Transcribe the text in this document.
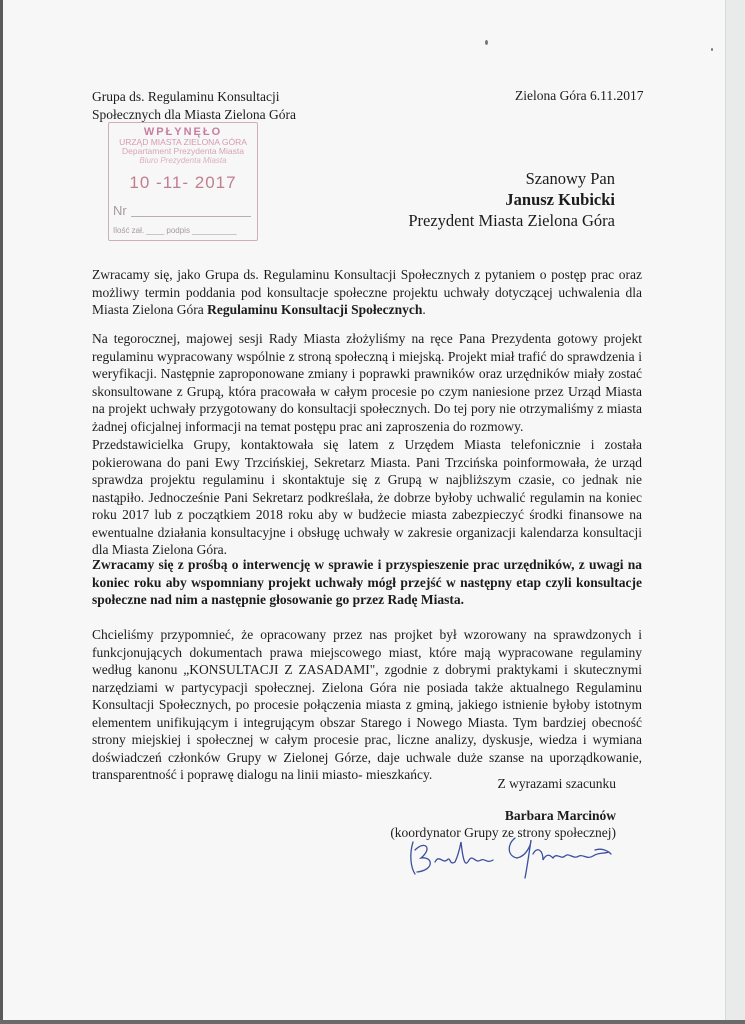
Grupa ds. Regulaminu Konsultacji
Społecznych dla Miasta Zielona Góra
Zielona Góra 6.11.2017
WPŁYNĘŁO
URZĄD MIASTA ZIELONA GÓRA
Departament Prezydenta Miasta
Biuro Prezydenta Miasta
10 -11- 2017
Nr
Ilość zał. ____ podpis __________
Szanowy Pan
Janusz Kubicki
Prezydent Miasta Zielona Góra
Zwracamy się, jako Grupa ds. Regulaminu Konsultacji Społecznych z pytaniem o postęp prac oraz możliwy termin poddania pod konsultacje społeczne projektu uchwały dotyczącej uchwalenia dla Miasta Zielona Góra Regulaminu Konsultacji Społecznych.
Na tegorocznej, majowej sesji Rady Miasta złożyliśmy na ręce Pana Prezydenta gotowy projekt regulaminu wypracowany wspólnie z stroną społeczną i miejską. Projekt miał trafić do sprawdzenia i weryfikacji. Następnie zaproponowane zmiany i poprawki prawników oraz urzędników miały zostać skonsultowane z Grupą, która pracowała w całym procesie po czym naniesione przez Urząd Miasta na projekt uchwały przygotowany do konsultacji społecznych. Do tej pory nie otrzymaliśmy z miasta żadnej oficjalnej informacji na temat postępu prac ani zaproszenia do rozmowy.
Przedstawicielka Grupy, kontaktowała się latem z Urzędem Miasta telefonicznie i została pokierowana do pani Ewy Trzcińskiej, Sekretarz Miasta. Pani Trzcińska poinformowała, że urząd sprawdza projektu regulaminu i skontaktuje się z Grupą w najbliższym czasie, co jednak nie nastąpiło. Jednocześnie Pani Sekretarz podkreślała, że dobrze byłoby uchwalić regulamin na koniec roku 2017 lub z początkiem 2018 roku aby w budżecie miasta zabezpieczyć środki finansowe na ewentualne działania konsultacyjne i obsługę uchwały w zakresie organizacji kalendarza konsultacji dla Miasta Zielona Góra.
Zwracamy się z prośbą o interwencję w sprawie i przyspieszenie prac urzędników, z uwagi na koniec roku aby wspomniany projekt uchwały mógł przejść w następny etap czyli konsultacje społeczne nad nim a następnie głosowanie go przez Radę Miasta.
Chcieliśmy przypomnieć, że opracowany przez nas projket był wzorowany na sprawdzonych i funkcjonujących dokumentach prawa miejscowego miast, które mają wypracowane regulaminy według kanonu „KONSULTACJI Z ZASADAMI", zgodnie z dobrymi praktykami i skutecznymi narzędziami w partycypacji społecznej. Zielona Góra nie posiada także aktualnego Regulaminu Konsultacji Społecznych, po procesie połączenia miasta z gminą, jakiego istnienie byłoby istotnym elementem unifikującym i integrującym obszar Starego i Nowego Miasta. Tym bardziej obecność strony miejskiej i społecznej w całym procesie prac, liczne analizy, dyskusje, wiedza i wymiana doświadczeń członków Grupy w Zielonej Górze, daje uchwale duże szanse na uporządkowanie, transparentność i poprawę dialogu na linii miasto- mieszkańcy.
Z wyrazami szacunku
Barbara Marcinów
(koordynator Grupy ze strony społecznej)
